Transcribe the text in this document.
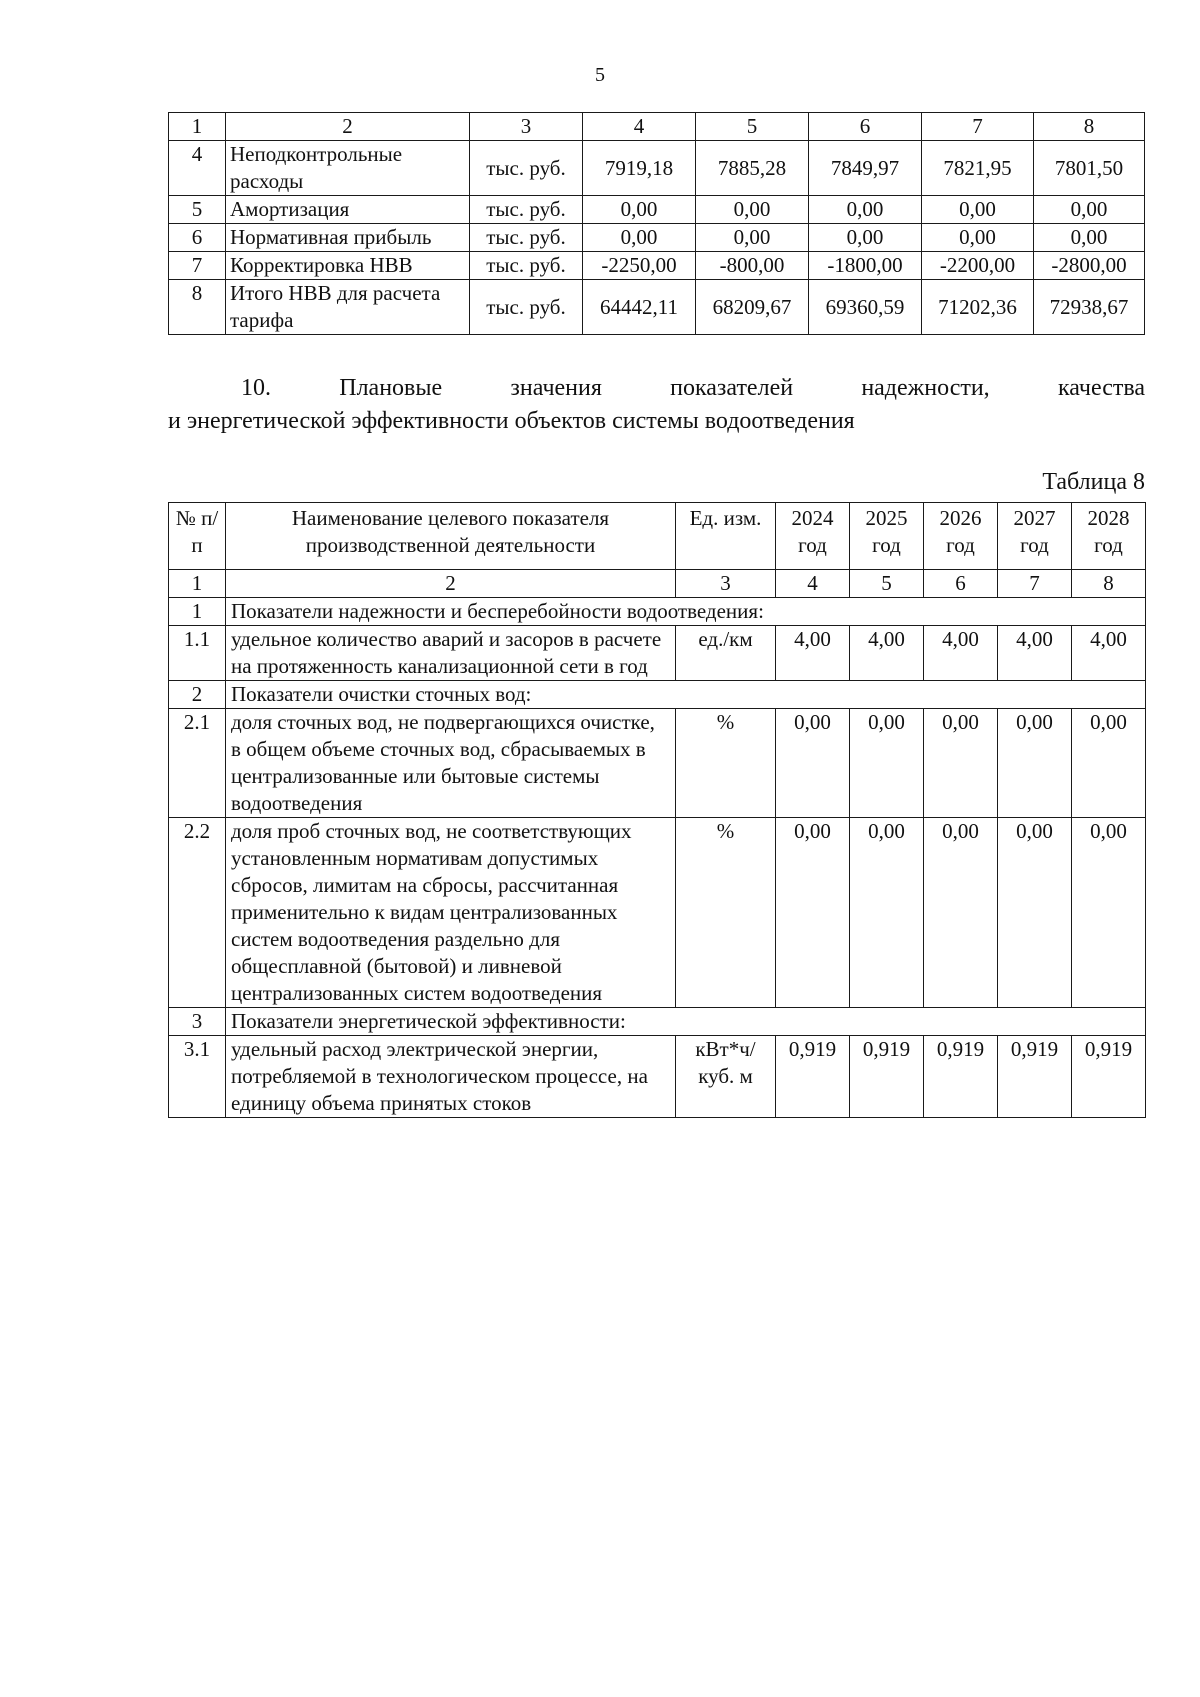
5
1	2	3	4	5	6	7	8
4	Неподконтрольные расходы	тыс. руб.	7919,18	7885,28	7849,97	7821,95	7801,50
5	Амортизация	тыс. руб.	0,00	0,00	0,00	0,00	0,00
6	Нормативная прибыль	тыс. руб.	0,00	0,00	0,00	0,00	0,00
7	Корректировка НВВ	тыс. руб.	-2250,00	-800,00	-1800,00	-2200,00	-2800,00
8	Итого НВВ для расчета тарифа	тыс. руб.	64442,11	68209,67	69360,59	71202,36	72938,67
10.	Плановые	значения	показателей	надежности,	качества
и энергетической эффективности объектов системы водоотведения
Таблица 8
№ п/п	Наименование целевого показателя производственной деятельности	Ед. изм.	2024 год	2025 год	2026 год	2027 год	2028 год
1	2	3	4	5	6	7	8
1	Показатели надежности и бесперебойности водоотведения:						
1.1	удельное количество аварий и засоров в расчете на протяженность канализационной сети в год	ед./км	4,00	4,00	4,00	4,00	4,00
2	Показатели очистки сточных вод:						
2.1	доля сточных вод, не подвергающихся очистке, в общем объеме сточных вод, сбрасываемых в централизованные или бытовые системы водоотведения	%	0,00	0,00	0,00	0,00	0,00
2.2	доля проб сточных вод, не соответствующих установленным нормативам допустимых сбросов, лимитам на сбросы, рассчитанная применительно к видам централизованных систем водоотведения раздельно для общесплавной (бытовой) и ливневой централизованных систем водоотведения	%	0,00	0,00	0,00	0,00	0,00
3	Показатели энергетической эффективности:						
3.1	удельный расход электрической энергии, потребляемой в технологическом процессе, на единицу объема принятых стоков	кВт*ч/ куб. м	0,919	0,919	0,919	0,919	0,919
